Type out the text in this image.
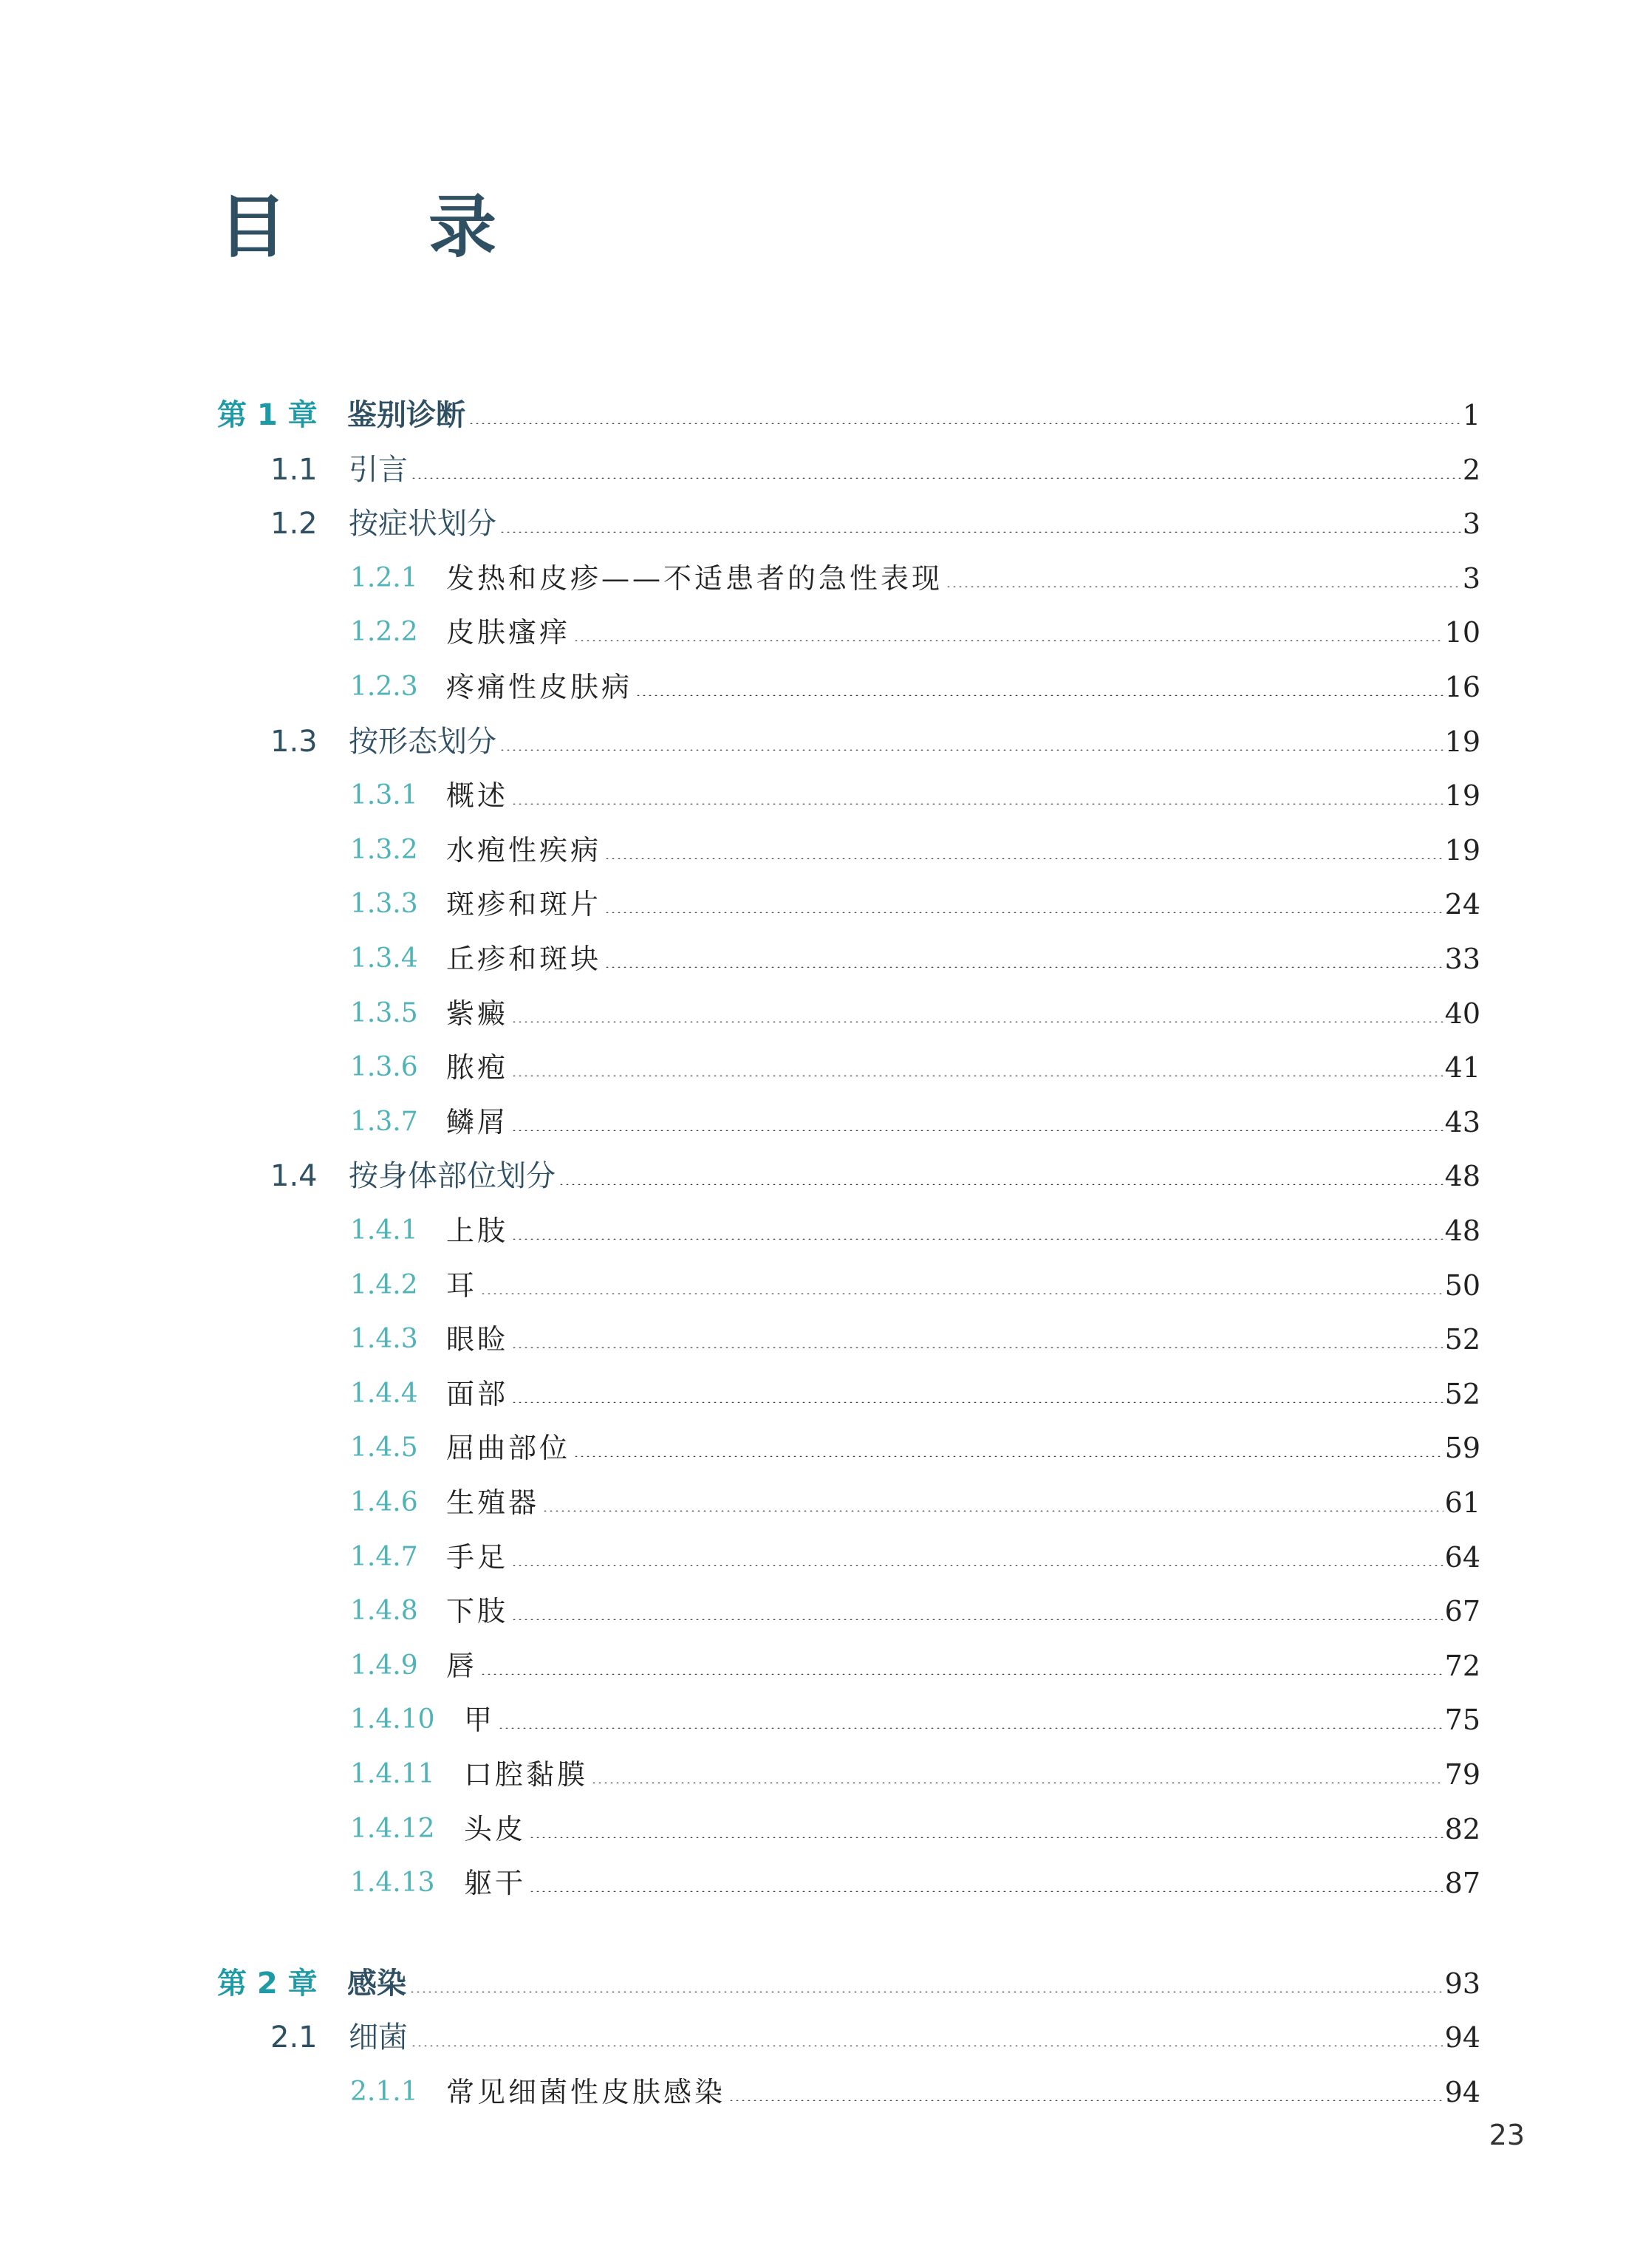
目 录
第 1 章 鉴别诊断	1
1.1 引言	2
1.2 按症状划分	3
1.2.1 发热和皮疹——不适患者的急性表现	3
1.2.2 皮肤瘙痒	10
1.2.3 疼痛性皮肤病	16
1.3 按形态划分	19
1.3.1 概述	19
1.3.2 水疱性疾病	19
1.3.3 斑疹和斑片	24
1.3.4 丘疹和斑块	33
1.3.5 紫癜	40
1.3.6 脓疱	41
1.3.7 鳞屑	43
1.4 按身体部位划分	48
1.4.1 上肢	48
1.4.2 耳	50
1.4.3 眼睑	52
1.4.4 面部	52
1.4.5 屈曲部位	59
1.4.6 生殖器	61
1.4.7 手足	64
1.4.8 下肢	67
1.4.9 唇	72
1.4.10 甲	75
1.4.11 口腔黏膜	79
1.4.12 头皮	82
1.4.13 躯干	87
第 2 章 感染	93
2.1 细菌	94
2.1.1 常见细菌性皮肤感染	94
23
